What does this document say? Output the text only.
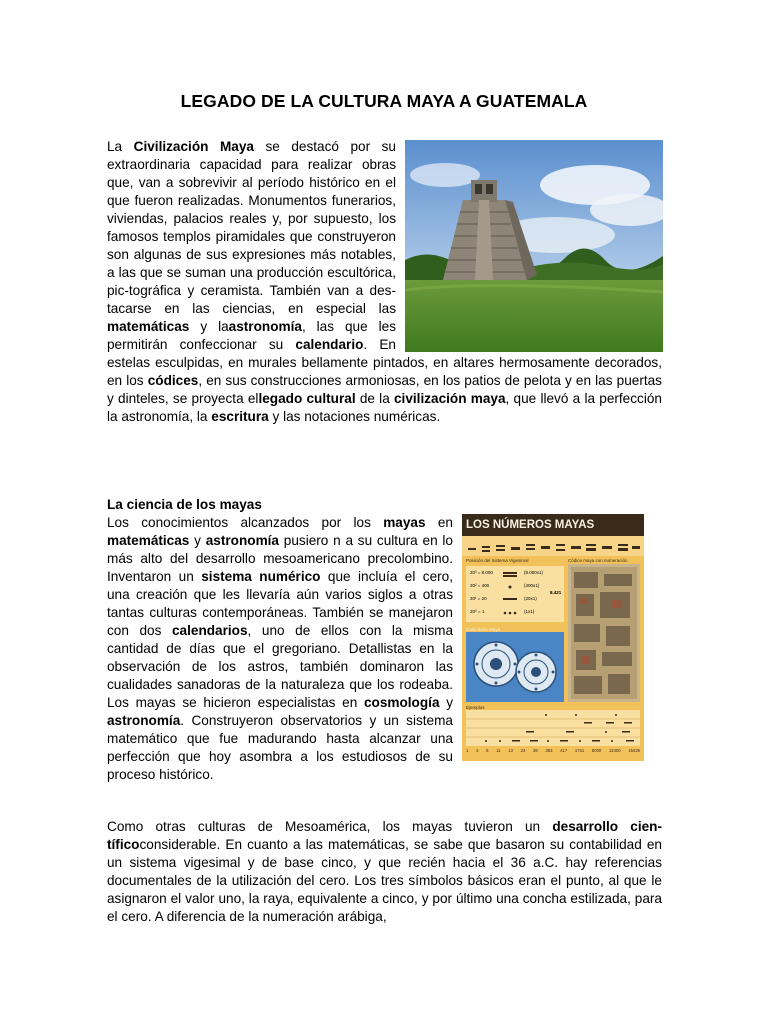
LEGADO DE LA CULTURA MAYA A GUATEMALA
LOS NÚMEROS MAYAS
Posición del Sistema Vigesimal	Códice maya con numeración
20³ = 8.000
20² = 400
20¹ = 20
20⁰ = 1
(8.000x1)
(400x1)
(20x1)
(1x1)
8.421
Calendario Maya
Ejemplos
1 3 6 11 13 23 36 363 417 1741 8000 12400 15425
La Civilización Maya se destacó por su extraordinaria capacidad para realizar obras que, van a sobrevivir al período histórico en el que fueron realizadas. Monumentos funerarios, viviendas, palacios reales y, por supuesto, los famosos templos piramidales que construyeron son algunas de sus expresiones más notables, a las que se suman una producción escultórica, pic-tográfica y ceramista. También van a des-tacarse en las ciencias, en especial las matemáticas y laastronomía, las que les permitirán confeccionar su calendario. En estelas esculpidas, en murales bellamente pintados, en altares hermosamente decorados, en los códices, en sus construcciones armoniosas, en los patios de pelota y en las puertas y dinteles, se proyecta ellegado cultural de la civilización maya, que llevó a la perfección la astronomía, la escritura y las notaciones numéricas.
La ciencia de los mayas
Los conocimientos alcanzados por los mayas en matemáticas y astronomía pusiero n a su cultura en lo más alto del desarrollo mesoamericano precolombino. Inventaron un sistema numérico que incluía el cero, una creación que les llevaría aún varios siglos a otras tantas culturas contemporáneas. También se manejaron con dos calendarios, uno de ellos con la misma cantidad de días que el gregoriano. Detallistas en la observación de los astros, también dominaron las cualidades sanadoras de la naturaleza que los rodeaba. Los mayas se hicieron especialistas en cosmología y astronomía. Construyeron observatorios y un sistema matemático que fue madurando hasta alcanzar una perfección que hoy asombra a los estudiosos de su proceso histórico.
Como otras culturas de Mesoamérica, los mayas tuvieron un desarrollo cien-tíficoconsiderable. En cuanto a las matemáticas, se sabe que basaron su contabilidad en un sistema vigesimal y de base cinco, y que recién hacia el 36 a.C. hay referencias documentales de la utilización del cero. Los tres símbolos básicos eran el punto, al que le asignaron el valor uno, la raya, equivalente a cinco, y por último una concha estilizada, para el cero. A diferencia de la numeración arábiga,
